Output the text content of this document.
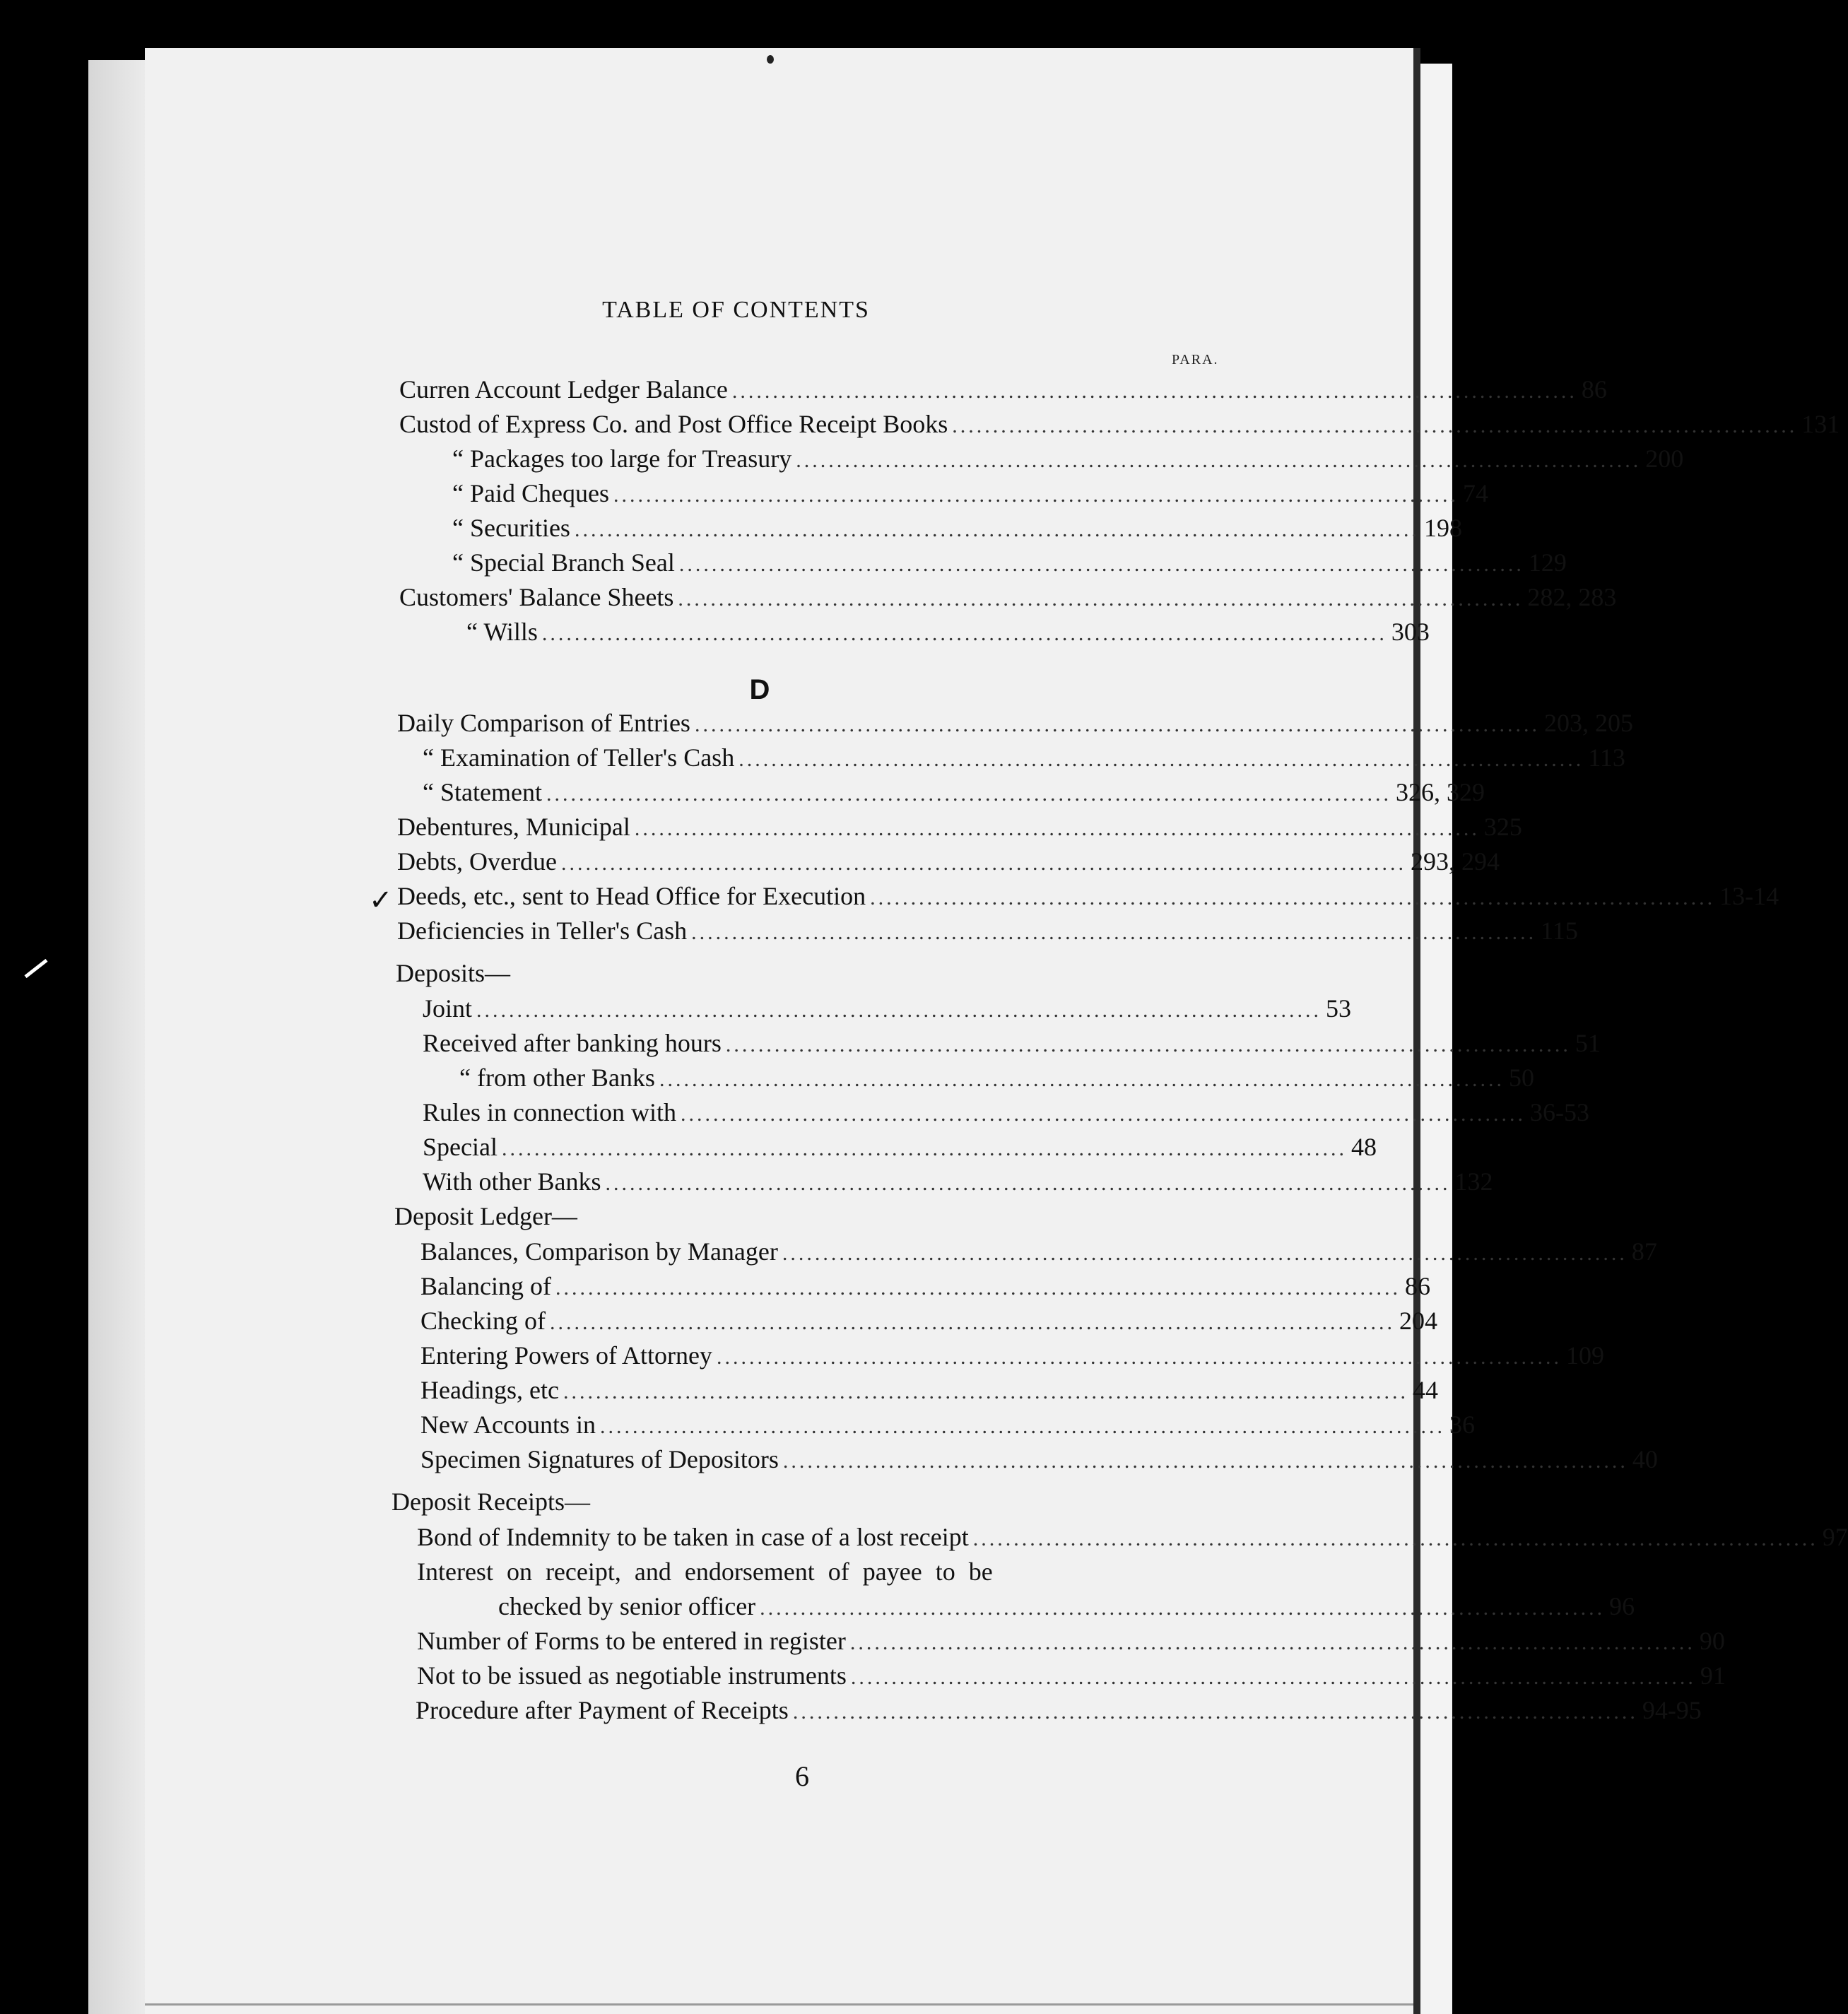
TABLE OF CONTENTS
PARA.
Curren Account Ledger Balance ........................................................................................................ 86
Custod of Express Co. and Post Office Receipt Books ........................................................................................................ 131
“ Packages too large for Treasury ........................................................................................................ 200
“ Paid Cheques ........................................................................................................ 74
“ Securities ........................................................................................................ 198
“ Special Branch Seal ........................................................................................................ 129
Customers' Balance Sheets ........................................................................................................ 282, 283
“ Wills ........................................................................................................ 303
D
Daily Comparison of Entries ........................................................................................................ 203, 205
“ Examination of Teller's Cash ........................................................................................................ 113
“ Statement ........................................................................................................ 326, 329
Debentures, Municipal ........................................................................................................ 325
Debts, Overdue ........................................................................................................ 293, 294
✓ Deeds, etc., sent to Head Office for Execution ........................................................................................................ 13-14
Deficiencies in Teller's Cash ........................................................................................................ 115
Deposits—
Joint ........................................................................................................ 53
Received after banking hours ........................................................................................................ 51
“ from other Banks ........................................................................................................ 50
Rules in connection with ........................................................................................................ 36-53
Special ........................................................................................................ 48
With other Banks ........................................................................................................ 132
Deposit Ledger—
Balances, Comparison by Manager ........................................................................................................ 87
Balancing of ........................................................................................................ 86
Checking of ........................................................................................................ 204
Entering Powers of Attorney ........................................................................................................ 109
Headings, etc ........................................................................................................ 44
New Accounts in ........................................................................................................ 36
Specimen Signatures of Depositors ........................................................................................................ 40
Deposit Receipts—
Bond of Indemnity to be taken in case of a lost receipt ........................................................................................................ 97
Interest on receipt, and endorsement of payee to be
checked by senior officer ........................................................................................................ 96
Number of Forms to be entered in register ........................................................................................................ 90
Not to be issued as negotiable instruments ........................................................................................................ 91
Procedure after Payment of Receipts ........................................................................................................ 94-95
6
